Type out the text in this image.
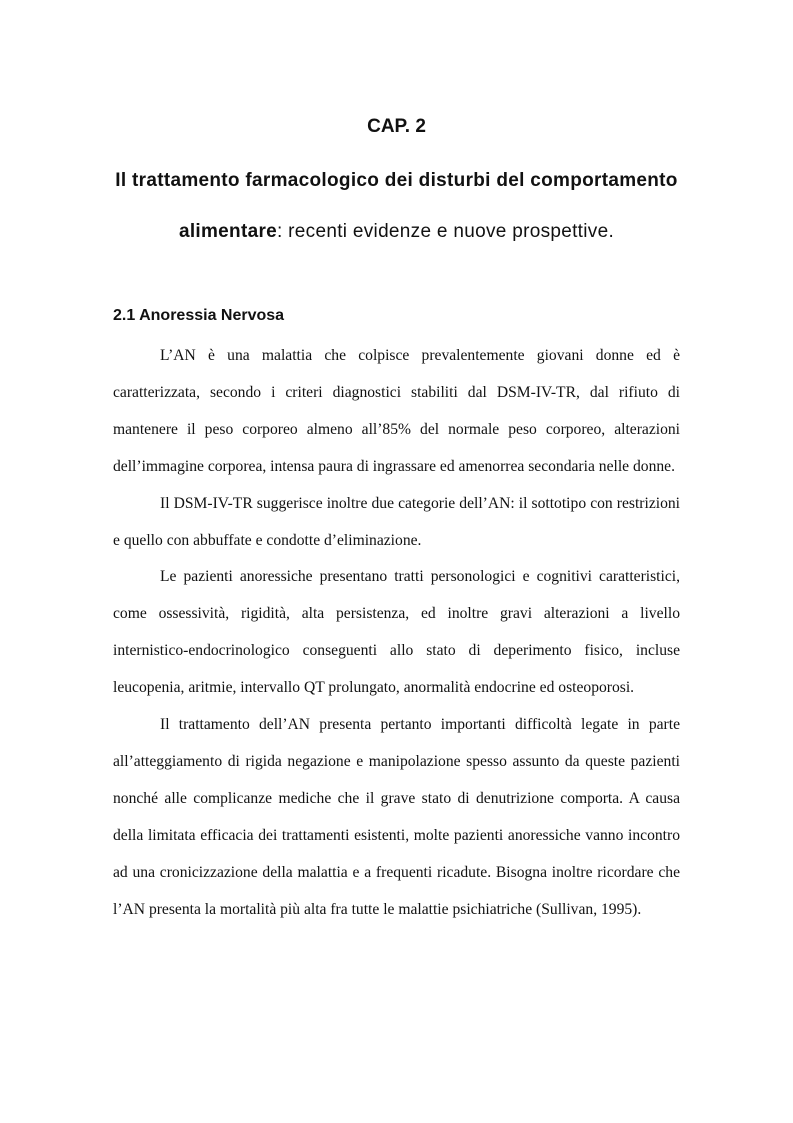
CAP. 2
Il trattamento farmacologico dei disturbi del comportamento
alimentare: recenti evidenze e nuove prospettive.
2.1 Anoressia Nervosa

L’AN è una malattia che colpisce prevalentemente giovani donne ed è caratterizzata, secondo i criteri diagnostici stabiliti dal DSM-IV-TR, dal rifiuto di mantenere il peso corporeo almeno all’85% del normale peso corporeo, alterazioni dell’immagine corporea, intensa paura di ingrassare ed amenorrea secondaria nelle donne.

Il DSM-IV-TR suggerisce inoltre due categorie dell’AN: il sottotipo con restrizioni e quello con abbuffate e condotte d’eliminazione.

Le pazienti anoressiche presentano tratti personologici e cognitivi caratteristici, come ossessività, rigidità, alta persistenza, ed inoltre gravi alterazioni a livello internistico-endocrinologico conseguenti allo stato di deperimento fisico, incluse leucopenia, aritmie, intervallo QT prolungato, anormalità endocrine ed osteoporosi.

Il trattamento dell’AN presenta pertanto importanti difficoltà legate in parte all’atteggiamento di rigida negazione e manipolazione spesso assunto da queste pazienti nonché alle complicanze mediche che il grave stato di denutrizione comporta. A causa della limitata efficacia dei trattamenti esistenti, molte pazienti anoressiche vanno incontro ad una cronicizzazione della malattia e a frequenti ricadute. Bisogna inoltre ricordare che l’AN presenta la mortalità più alta fra tutte le malattie psichiatriche (Sullivan, 1995).
